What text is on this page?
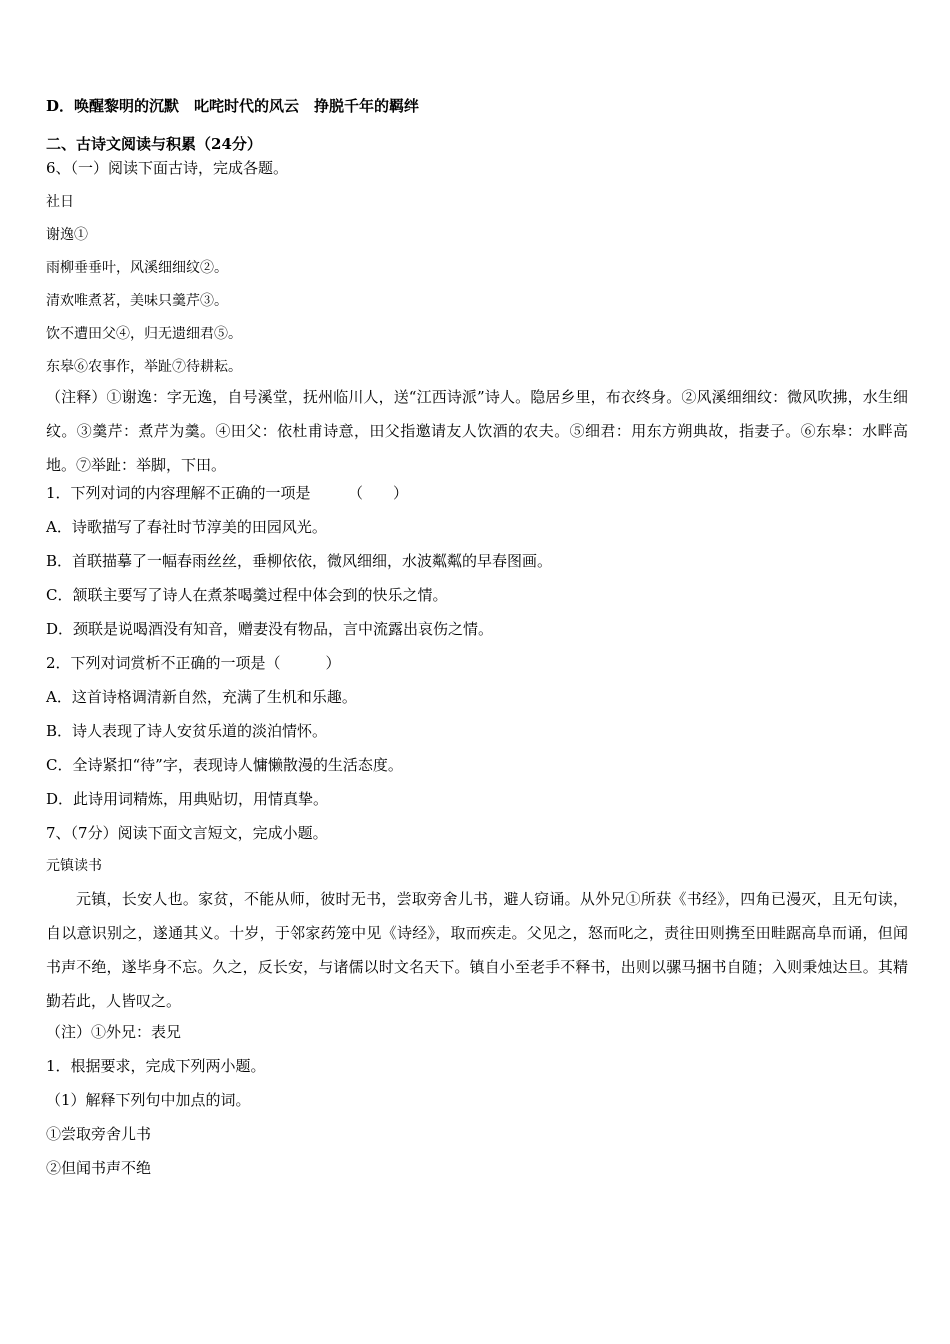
D．唤醒黎明的沉默　叱咤时代的风云　挣脱千年的羁绊
二、古诗文阅读与积累（24分）
6、（一）阅读下面古诗，完成各题。
社日
谢逸①
雨柳垂垂叶，风溪细细纹②。
清欢唯煮茗，美味只羹芹③。
饮不遭田父④，归无遗细君⑤。
东皋⑥农事作，举趾⑦待耕耘。
（注释）①谢逸：字无逸，自号溪堂，抚州临川人，送“江西诗派”诗人。隐居乡里，布衣终身。②风溪细细纹：微风吹拂，水生细纹。③羹芹：煮芹为羹。④田父：依杜甫诗意，田父指邀请友人饮酒的农夫。⑤细君：用东方朔典故，指妻子。⑥东皋：水畔高地。⑦举趾：举脚，下田。
1．下列对词的内容理解不正确的一项是　　　（　　）
A．诗歌描写了春社时节淳美的田园风光。
B．首联描摹了一幅春雨丝丝，垂柳依依，微风细细，水波粼粼的早春图画。
C．颔联主要写了诗人在煮茶喝羹过程中体会到的快乐之情。
D．颈联是说喝酒没有知音，赠妻没有物品，言中流露出哀伤之情。
2．下列对词赏析不正确的一项是（　　　）
A．这首诗格调清新自然，充满了生机和乐趣。
B．诗人表现了诗人安贫乐道的淡泊情怀。
C．全诗紧扣“待”字，表现诗人慵懒散漫的生活态度。
D．此诗用词精炼，用典贴切，用情真挚。
7、（7分）阅读下面文言短文，完成小题。
元镇读书
元镇，长安人也。家贫，不能从师，彼时无书，尝取旁舍儿书，避人窃诵。从外兄①所获《书经》，四角已漫灭，且无句读，自以意识别之，遂通其义。十岁，于邻家药笼中见《诗经》，取而疾走。父见之，怒而叱之，责往田则携至田畦踞高阜而诵，但闻书声不绝，遂毕身不忘。久之，反长安，与诸儒以时文名天下。镇自小至老手不释书，出则以骡马捆书自随；入则秉烛达旦。其精勤若此，人皆叹之。
（注）①外兄：表兄
1．根据要求，完成下列两小题。
（1）解释下列句中加点的词。
①尝取旁舍儿书
②但闻书声不绝
